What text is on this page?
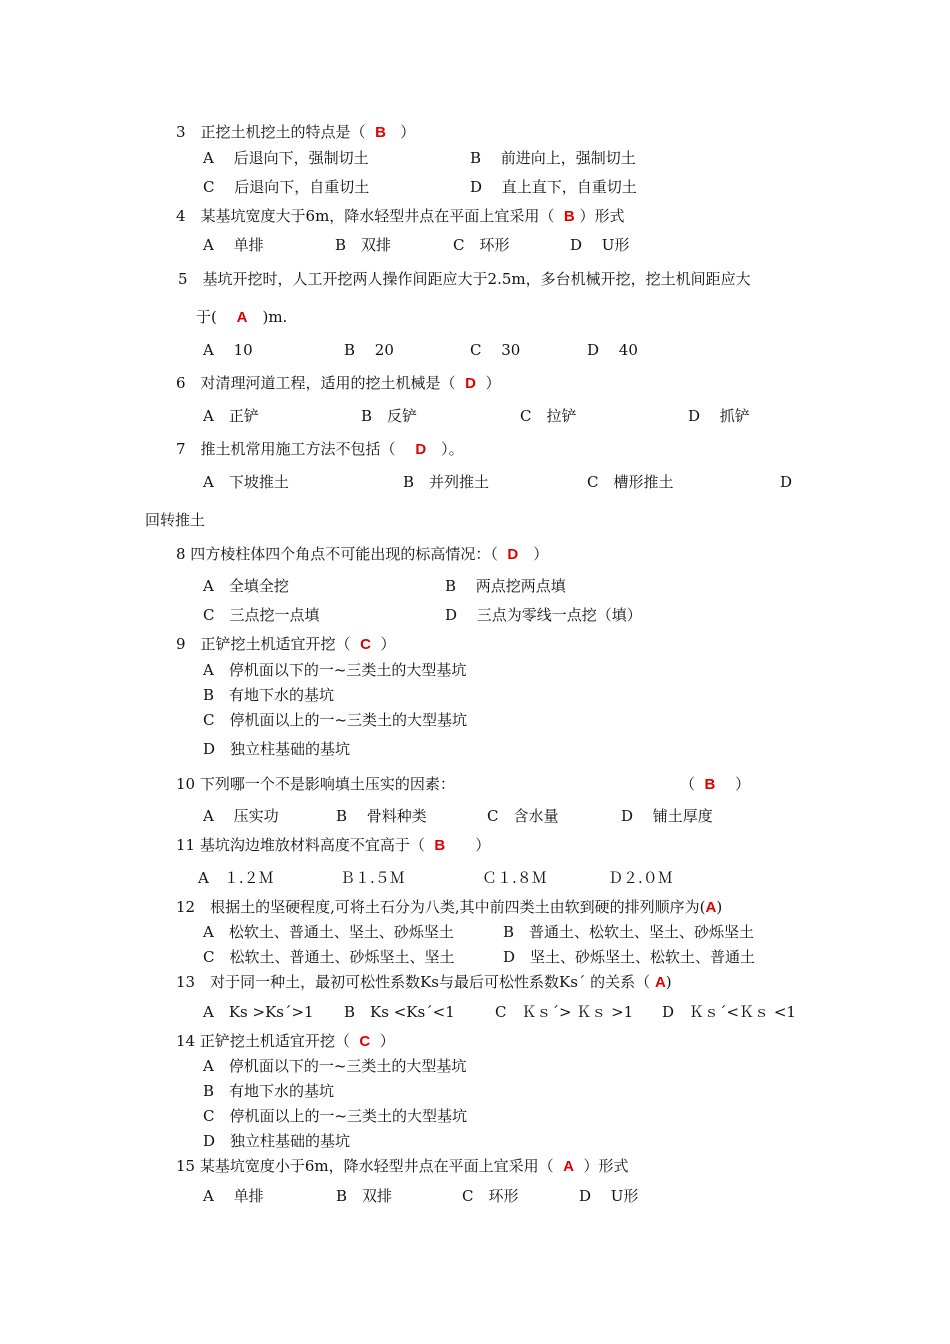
3　正挖土机挖土的特点是（  B   ）
A　 后退向下，强制切土	B　 前进向上，强制切土
C　 后退向下，自重切土	D　 直上直下，自重切土
4　某基坑宽度大于6m，降水轻型井点在平面上宜采用（  B ）形式
A　 单排	B　双排	C　环形	D　 U形
5　基坑开挖时，人工开挖两人操作间距应大于2.5m，多台机械开挖，挖土机间距应大
于(　 A　)m.
A　 10	B　 20	C　 30	D　 40
6　对清理河道工程，适用的挖土机械是（  D  ）
A　正铲	B　反铲	C　拉铲	D　 抓铲
7　推土机常用施工方法不包括（　 D　）。
A　下坡推土	B　并列推土	C　槽形推土	D
回转推土
8 四方棱柱体四个角点不可能出现的标高情况：（  D　）
A　全填全挖	B　 两点挖两点填
C　三点挖一点填	D　 三点为零线一点挖（填）
9　正铲挖土机适宜开挖（  C  ）
A　停机面以下的一~三类土的大型基坑
B　有地下水的基坑
C　停机面以上的一~三类土的大型基坑
D　独立柱基础的基坑
10 下列哪一个不是影响填土压实的因素：	（  B　 ）
A　 压实功	B　 骨料种类	C　含水量	D　 铺土厚度
11 基坑沟边堆放材料高度不宜高于（  B　　）
A　１.２Ｍ	Ｂ１.５Ｍ	Ｃ１.８Ｍ	Ｄ２.０Ｍ
12　根据土的坚硬程度,可将土石分为八类,其中前四类土由软到硬的排列顺序为(A)
A　松软土、普通土、坚土、砂烁坚土	B　普通土、松软土、坚土、砂烁坚土
C　松软土、普通土、砂烁坚土、坚土	D　坚土、砂烁坚土、松软土、普通土
13　对于同一种土，最初可松性系数Ks与最后可松性系数Ks´ 的关系（ A)
A　Ks >Ks´>1 B　Ks <Ks´<1	C　Ｋｓ´> Ｋｓ >1 D　Ｋｓ´<Ｋｓ <1
14 正铲挖土机适宜开挖（  C  ）
A　停机面以下的一~三类土的大型基坑
B　有地下水的基坑
C　停机面以上的一~三类土的大型基坑
D　独立柱基础的基坑
15 某基坑宽度小于6m，降水轻型井点在平面上宜采用（  A  ）形式
A　 单排	B　双排	C　环形	D　 U形
